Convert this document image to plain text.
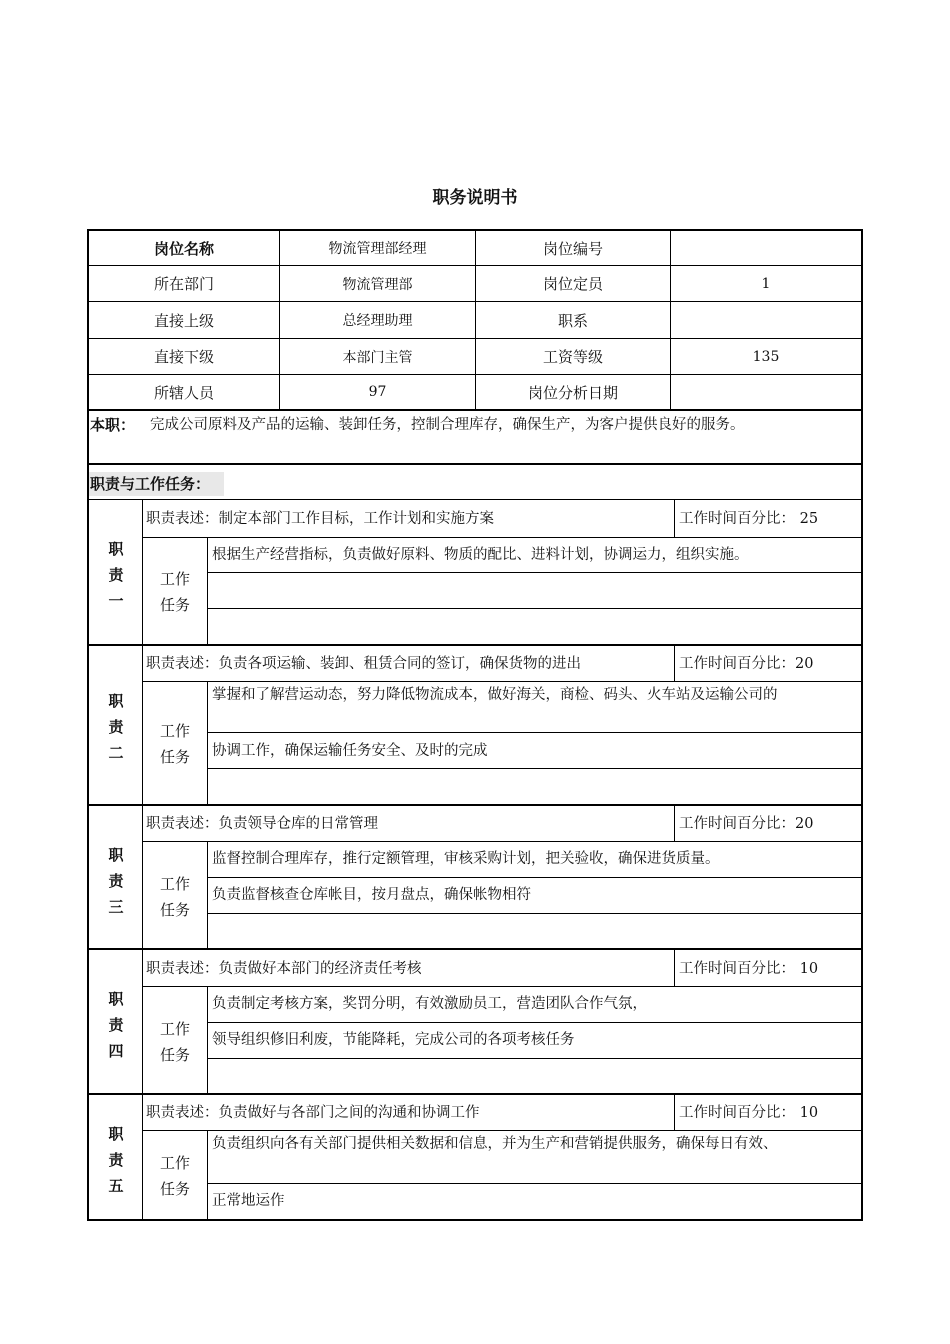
职务说明书
岗位名称	物流管理部经理	岗位编号
所在部门	物流管理部	岗位定员	1
直接上级	总经理助理	职系
直接下级	本部门主管	工资等级	135
所辖人员	97	岗位分析日期
本职： 完成公司原料及产品的运输、装卸任务，控制合理库存，确保生产，为客户提供良好的服务。
职责与工作任务：
职
责
一
职责表述：制定本部门工作目标，工作计划和实施方案	工作时间百分比： 25
工作
任务
根据生产经营指标，负责做好原料、物质的配比、进料计划，协调运力，组织实施。
职
责
二
职责表述：负责各项运输、装卸、租赁合同的签订，确保货物的进出	工作时间百分比：20
工作
任务
掌握和了解营运动态，努力降低物流成本，做好海关，商检、码头、火车站及运输公司的
协调工作，确保运输任务安全、及时的完成
职
责
三
职责表述：负责领导仓库的日常管理	工作时间百分比：20
工作
任务
监督控制合理库存，推行定额管理，审核采购计划，把关验收，确保进货质量。
负责监督核查仓库帐目，按月盘点，确保帐物相符
职
责
四
职责表述：负责做好本部门的经济责任考核	工作时间百分比： 10
工作
任务
负责制定考核方案，奖罚分明，有效激励员工，营造团队合作气氛，
领导组织修旧利废，节能降耗，完成公司的各项考核任务
职
责
五
职责表述：负责做好与各部门之间的沟通和协调工作	工作时间百分比： 10
工作
任务
负责组织向各有关部门提供相关数据和信息，并为生产和营销提供服务，确保每日有效、
正常地运作
